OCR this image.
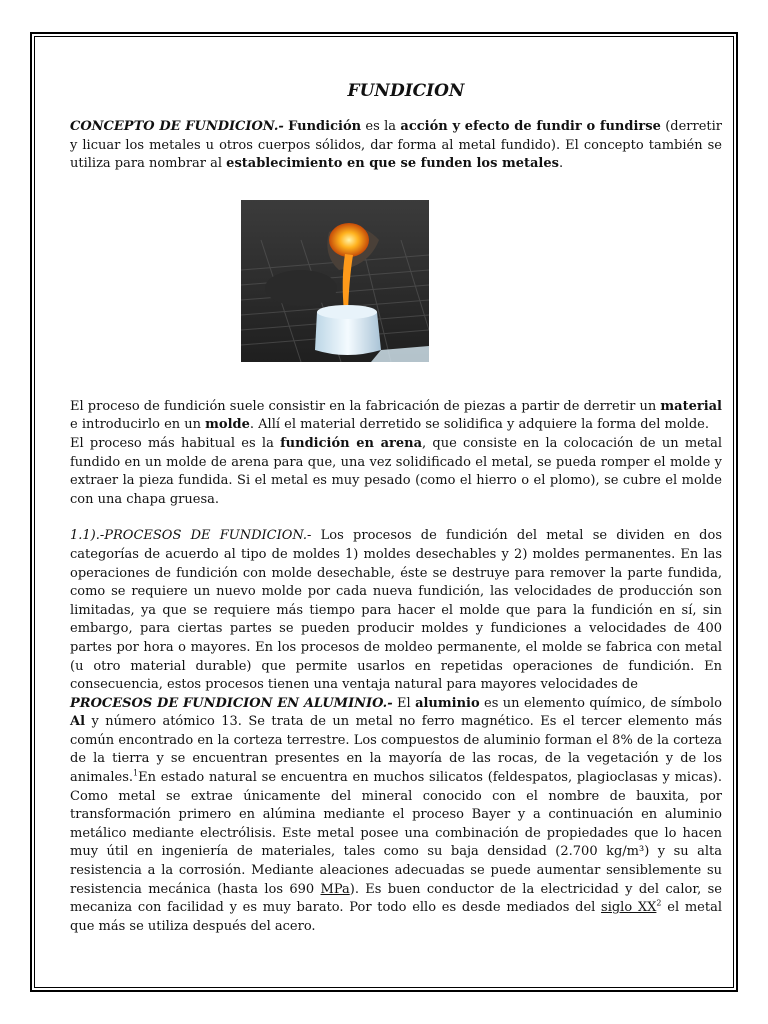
FUNDICION

CONCEPTO DE FUNDICION.- Fundición es la acción y efecto de fundir o fundirse (derretir y licuar los metales u otros cuerpos sólidos, dar forma al metal fundido). El concepto también se utiliza para nombrar al establecimiento en que se funden los metales.

El proceso de fundición suele consistir en la fabricación de piezas a partir de derretir un material e introducirlo en un molde. Allí el material derretido se solidifica y adquiere la forma del molde.

El proceso más habitual es la fundición en arena, que consiste en la colocación de un metal fundido en un molde de arena para que, una vez solidificado el metal, se pueda romper el molde y extraer la pieza fundida. Si el metal es muy pesado (como el hierro o el plomo), se cubre el molde con una chapa gruesa.

1.1).-PROCESOS DE FUNDICION.- Los procesos de fundición del metal se dividen en dos categorías de acuerdo al tipo de moldes 1) moldes desechables y 2) moldes permanentes. En las operaciones de fundición con molde desechable, éste se destruye para remover la parte fundida, como se requiere un nuevo molde por cada nueva fundición, las velocidades de producción son limitadas, ya que se requiere más tiempo para hacer el molde que para la fundición en sí, sin embargo, para ciertas partes se pueden producir moldes y fundiciones a velocidades de 400 partes por hora o mayores. En los procesos de moldeo permanente, el molde se fabrica con metal (u otro material durable) que permite usarlos en repetidas operaciones de fundición. En consecuencia, estos procesos tienen una ventaja natural para mayores velocidades de

PROCESOS DE FUNDICION EN ALUMINIO.- El aluminio es un elemento químico, de símbolo Al y número atómico 13. Se trata de un metal no ferro magnético. Es el tercer elemento más común encontrado en la corteza terrestre. Los compuestos de aluminio forman el 8% de la corteza de la tierra y se encuentran presentes en la mayoría de las rocas, de la vegetación y de los animales.$^1$En estado natural se encuentra en muchos silicatos (feldespatos, plagioclasas y micas). Como metal se extrae únicamente del mineral conocido con el nombre de bauxita, por transformación primero en alúmina mediante el proceso Bayer y a continuación en aluminio metálico mediante electrólisis. Este metal posee una combinación de propiedades que lo hacen muy útil en ingeniería de materiales, tales como su baja densidad (2.700 kg/m³) y su alta resistencia a la corrosión. Mediante aleaciones adecuadas se puede aumentar sensiblemente su resistencia mecánica (hasta los 690 MPa). Es buen conductor de la electricidad y del calor, se mecaniza con facilidad y es muy barato. Por todo ello es desde mediados del siglo $XX^2$ el metal que más se utiliza después del acero.
